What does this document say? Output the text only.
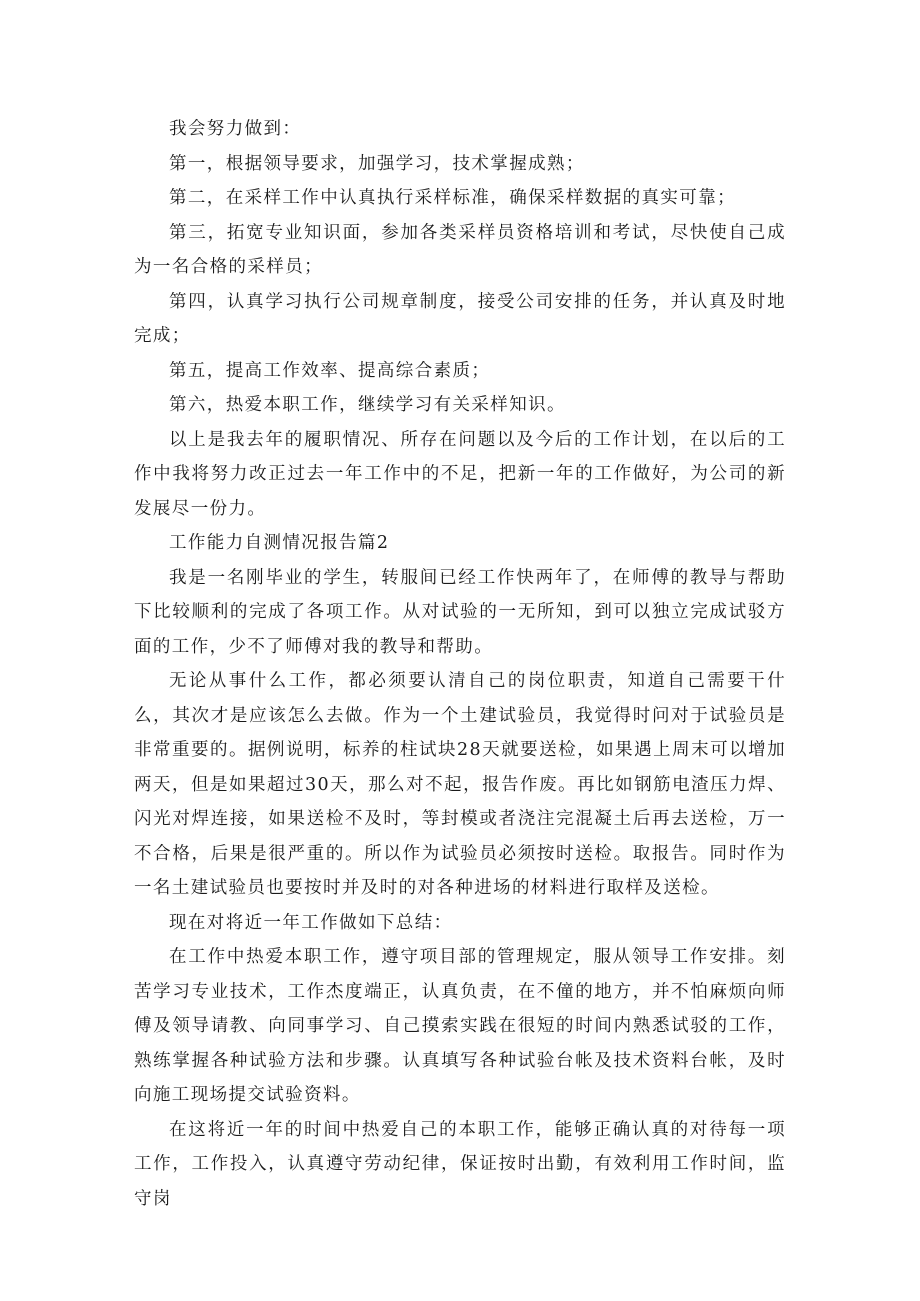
我会努力做到：

第一，根据领导要求，加强学习，技术掌握成熟；

第二，在采样工作中认真执行采样标准，确保采样数据的真实可靠；

第三，拓宽专业知识面，参加各类采样员资格培训和考试，尽快使自己成为一名合格的采样员；

第四，认真学习执行公司规章制度，接受公司安排的任务，并认真及时地完成；

第五，提高工作效率、提高综合素质；

第六，热爱本职工作，继续学习有关采样知识。

以上是我去年的履职情况、所存在问题以及今后的工作计划，在以后的工作中我将努力改正过去一年工作中的不足，把新一年的工作做好，为公司的新发展尽一份力。

工作能力自测情况报告篇2

我是一名刚毕业的学生，转服间已经工作快两年了，在师傅的教导与帮助下比较顺利的完成了各项工作。从对试验的一无所知，到可以独立完成试驳方面的工作，少不了师傅对我的教导和帮助。

无论从事什么工作，都必须要认清自己的岗位职责，知道自己需要干什么，其次才是应该怎么去做。作为一个土建试验员，我觉得时问对于试验员是非常重要的。据例说明，标养的柱试块28天就要送检，如果遇上周末可以增加两天，但是如果超过30天，那么对不起，报告作废。再比如钢筋电渣压力焊、闪光对焊连接，如果送检不及时，等封模或者浇注完混凝土后再去送检，万一不合格，后果是很严重的。所以作为试验员必须按时送检。取报告。同时作为一名土建试验员也要按时并及时的对各种进场的材料进行取样及送检。

现在对将近一年工作做如下总结：

在工作中热爱本职工作，遵守项目部的管理规定，服从领导工作安排。刻苦学习专业技术，工作杰度端正，认真负责，在不僮的地方，并不怕麻烦向师傅及领导请教、向同事学习、自己摸索实践在很短的时间内熟悉试驳的工作，熟练掌握各种试验方法和步骤。认真填写各种试验台帐及技术资料台帐，及时向施工现场提交试验资料。

在这将近一年的时间中热爱自己的本职工作，能够正确认真的对待每一项工作，工作投入，认真遵守劳动纪律，保证按时出勤，有效利用工作时间，监守岗
